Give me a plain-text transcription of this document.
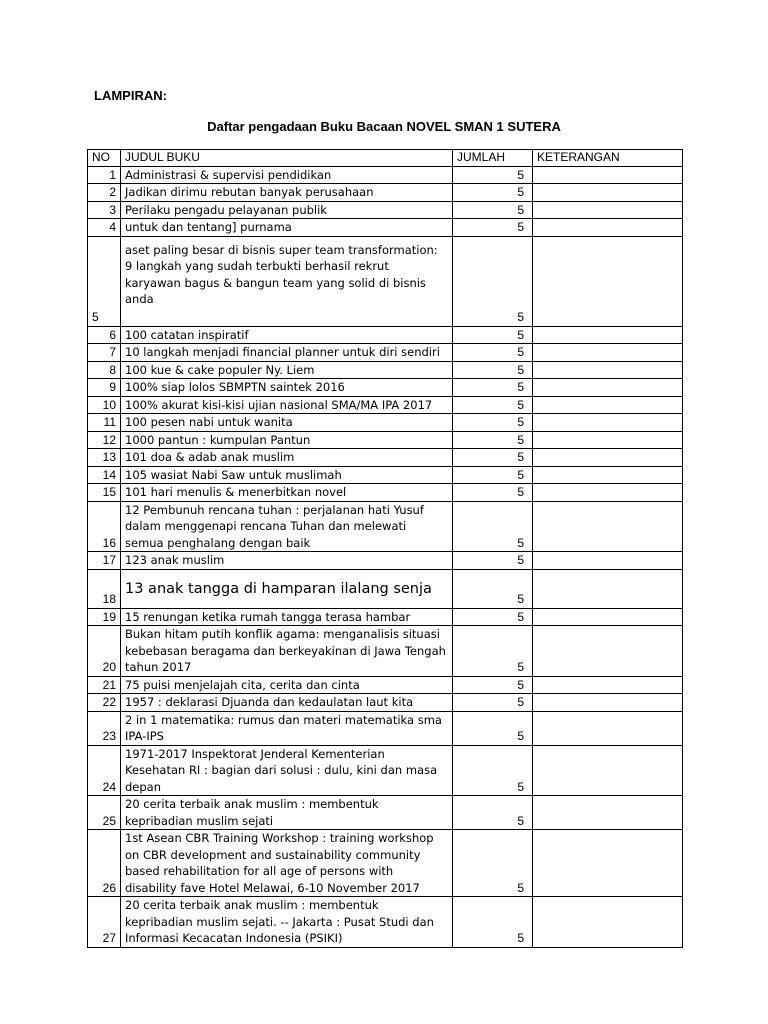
LAMPIRAN:
Daftar pengadaan Buku Bacaan NOVEL SMAN 1 SUTERA
NO	JUDUL BUKU	JUMLAH	KETERANGAN
1	Administrasi & supervisi pendidikan	5	
2	Jadikan dirimu rebutan banyak perusahaan	5	
3	Perilaku pengadu pelayanan publik	5	
4	untuk dan tentang] purnama	5	
5	aset paling besar di bisnis super team transformation: 9 langkah yang sudah terbukti berhasil rekrut karyawan bagus & bangun team yang solid di bisnis anda	5	
6	100 catatan inspiratif	5	
7	10 langkah menjadi financial planner untuk diri sendiri	5	
8	100 kue & cake populer Ny. Liem	5	
9	100% siap lolos SBMPTN saintek 2016	5	
10	100% akurat kisi-kisi ujian nasional SMA/MA IPA 2017	5	
11	100 pesen nabi untuk wanita	5	
12	1000 pantun : kumpulan Pantun	5	
13	101 doa & adab anak muslim	5	
14	105 wasiat Nabi Saw untuk muslimah	5	
15	101 hari menulis & menerbitkan novel	5	
16	12 Pembunuh rencana tuhan : perjalanan hati Yusuf dalam menggenapi rencana Tuhan dan melewati semua penghalang dengan baik	5	
17	123 anak muslim	5	
18	13 anak tangga di hamparan ilalang senja	5	
19	15 renungan ketika rumah tangga terasa hambar	5	
20	Bukan hitam putih konflik agama: menganalisis situasi kebebasan beragama dan berkeyakinan di Jawa Tengah tahun 2017	5	
21	75 puisi menjelajah cita, cerita dan cinta	5	
22	1957 : deklarasi Djuanda dan kedaulatan laut kita	5	
23	2 in 1 matematika: rumus dan materi matematika sma IPA-IPS	5	
24	1971-2017 Inspektorat Jenderal Kementerian Kesehatan RI : bagian dari solusi : dulu, kini dan masa depan	5	
25	20 cerita terbaik anak muslim : membentuk kepribadian muslim sejati	5	
26	1st Asean CBR Training Workshop : training workshop on CBR development and sustainability community based rehabilitation for all age of persons with disability fave Hotel Melawai, 6-10 November 2017	5	
27	20 cerita terbaik anak muslim : membentuk kepribadian muslim sejati. -- Jakarta : Pusat Studi dan Informasi Kecacatan Indonesia (PSIKI)	5	
